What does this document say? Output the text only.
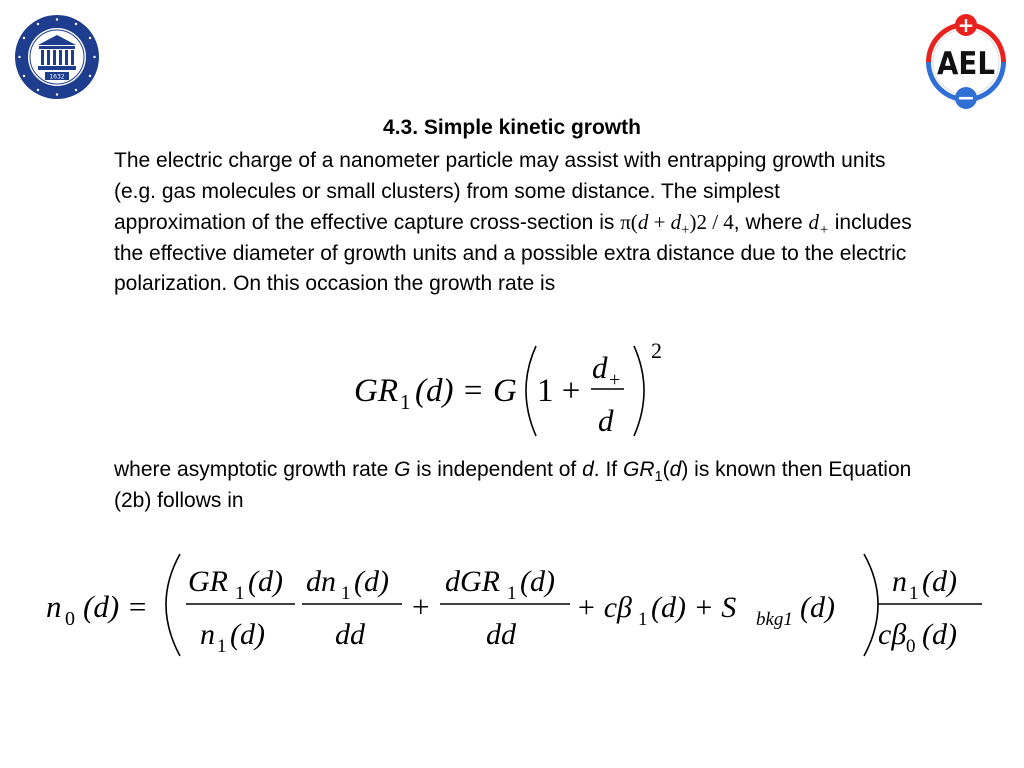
1632
+
−
AEL
4.3. Simple kinetic growth
The electric charge of a nanometer particle may assist with entrapping growth units (e.g. gas molecules or small clusters) from some distance. The simplest approximation of the effective capture cross-section is $\pi(d + d_+)2 / 4$, where $d_+$ includes the effective diameter of growth units and a possible extra distance due to the electric polarization. On this occasion the growth rate is
GR 1 (d) = G 1 +
d +
d
2
where asymptotic growth rate G is independent of d. If $GR_1(d)$ is known then Equation (2b) follows in
n 0 (d) =
GR 1 (d)
n 1 (d)
dn 1 (d)
dd
+
dGR 1 (d)
dd
+ cβ 1 (d) + S bkg1 (d)
n 1 (d)
cβ 0 (d)
